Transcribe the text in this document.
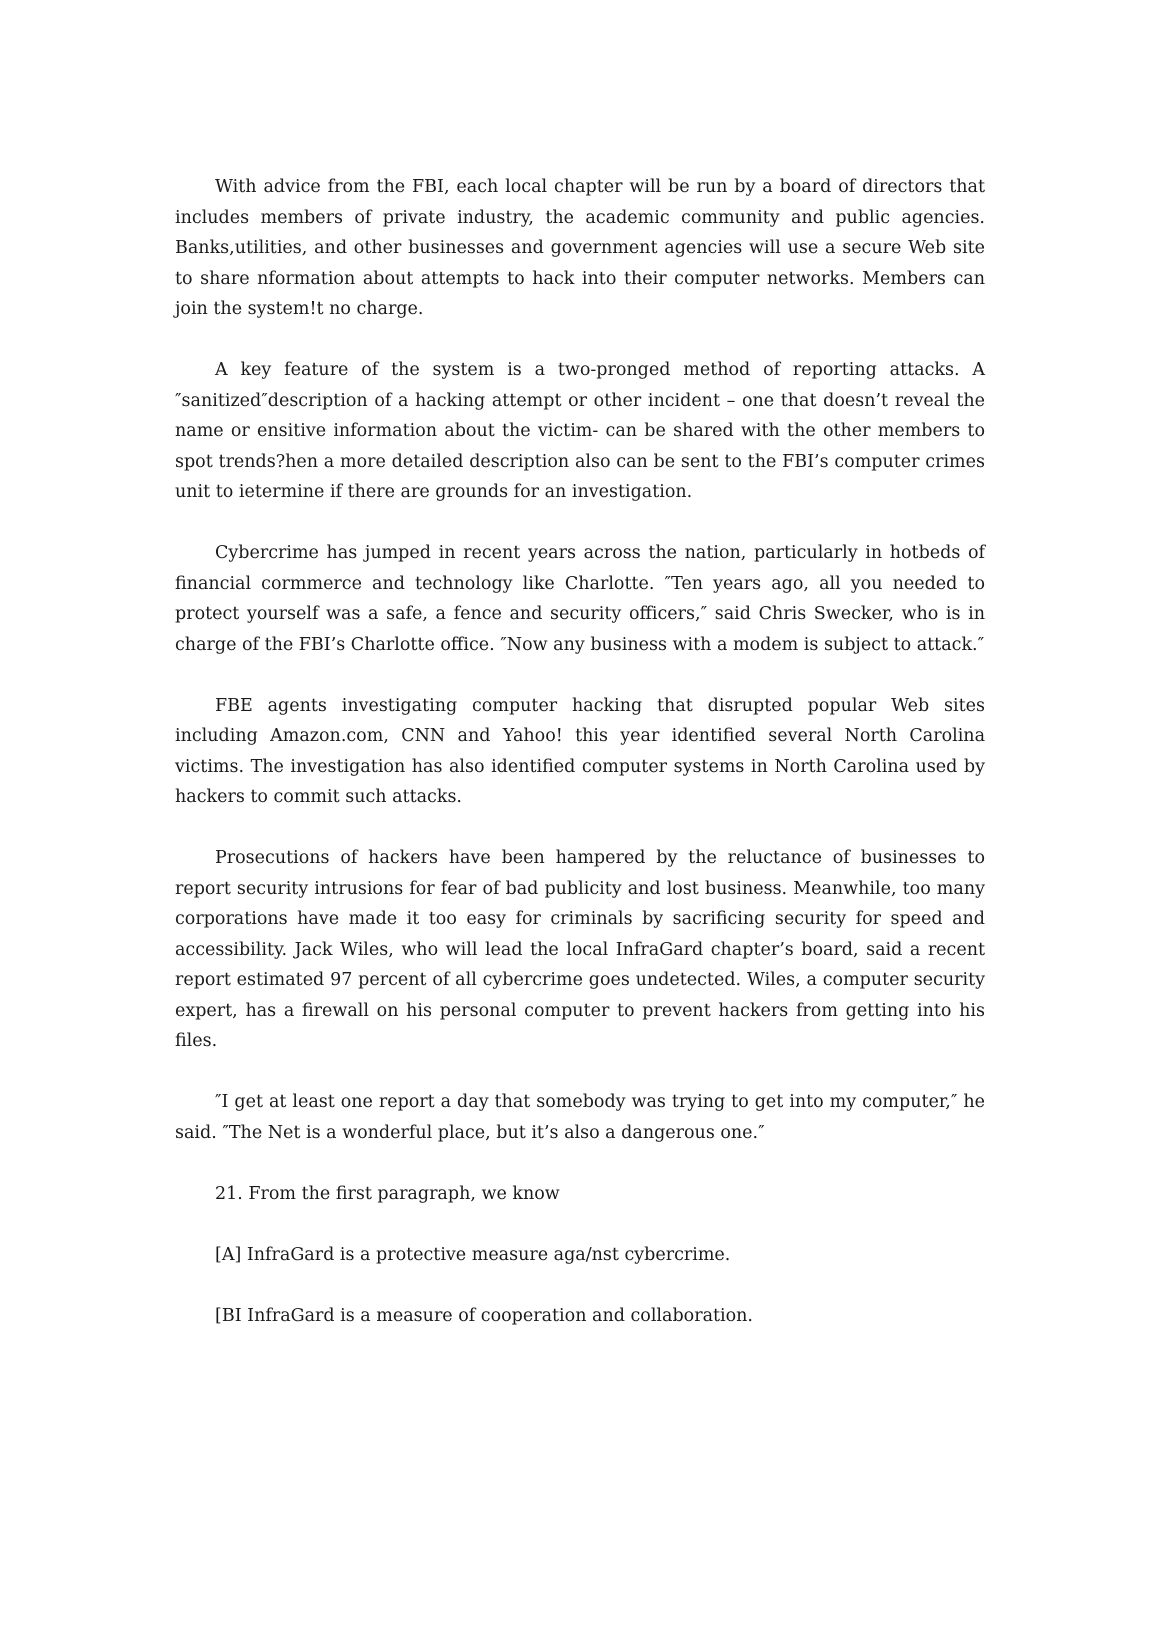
With advice from the FBI, each local chapter will be run by a board of directors that includes members of private industry, the academic community and public agencies. Banks,utilities, and other businesses and government agencies will use a secure Web site to share nformation about attempts to hack into their computer networks. Members can join the system!t no charge.

A key feature of the system is a two-pronged method of reporting attacks. A ″sanitized″description of a hacking attempt or other incident – one that doesn’t reveal the name or ensitive information about the victim- can be shared with the other members to spot trends?hen a more detailed description also can be sent to the FBI’s computer crimes unit to ietermine if there are grounds for an investigation.

Cybercrime has jumped in recent years across the nation, particularly in hotbeds of financial cormmerce and technology like Charlotte. ″Ten years ago, all you needed to protect yourself was a safe, a fence and security officers,″ said Chris Swecker, who is in charge of the FBI’s Charlotte office. ″Now any business with a modem is subject to attack.″

FBE agents investigating computer hacking that disrupted popular Web sites including Amazon.com, CNN and Yahoo! this year identified several North Carolina victims. The investigation has also identified computer systems in North Carolina used by hackers to commit such attacks.

Prosecutions of hackers have been hampered by the reluctance of businesses to report security intrusions for fear of bad publicity and lost business. Meanwhile, too many corporations have made it too easy for criminals by sacrificing security for speed and accessibility. Jack Wiles, who will lead the local InfraGard chapter’s board, said a recent report estimated 97 percent of all cybercrime goes undetected. Wiles, a computer security expert, has a firewall on his personal computer to prevent hackers from getting into his files.

″I get at least one report a day that somebody was trying to get into my computer,″ he said. ″The Net is a wonderful place, but it’s also a dangerous one.″

21. From the first paragraph, we know

[A] InfraGard is a protective measure aga/nst cybercrime.

[BI InfraGard is a measure of cooperation and collaboration.
